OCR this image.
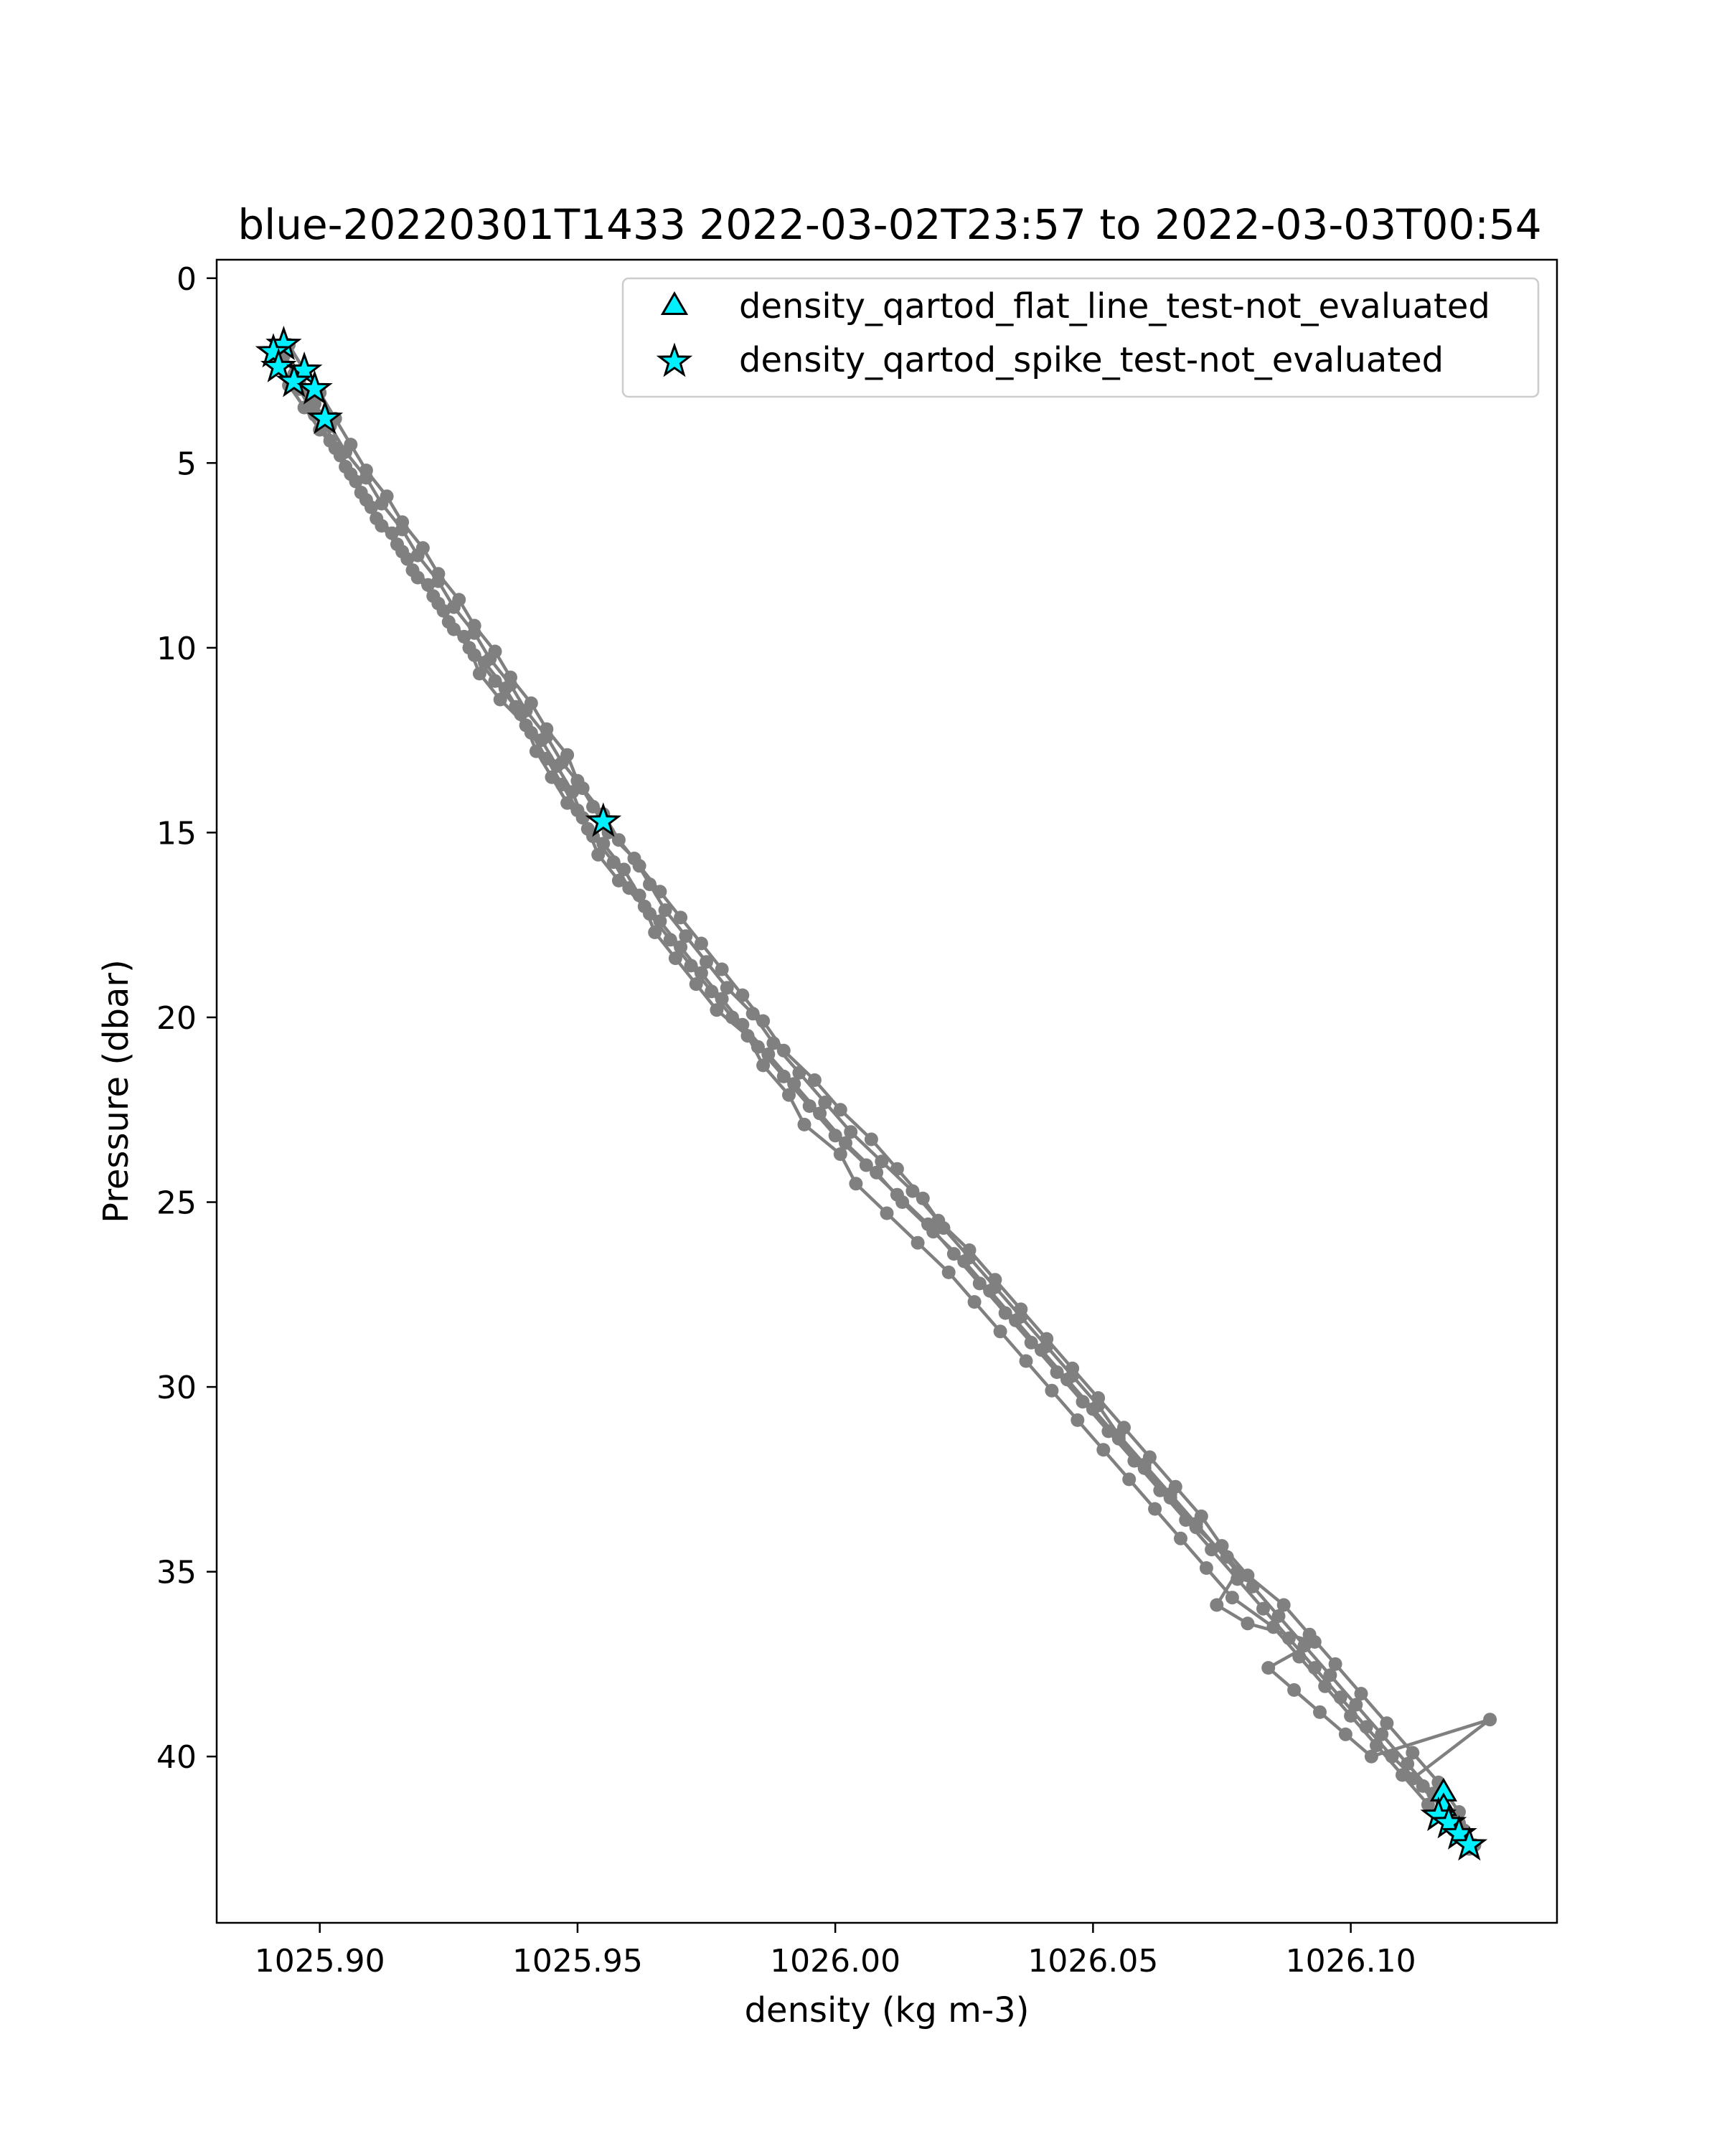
blue-20220301T1433 2022-03-02T23:57 to 2022-03-03T00:54
1025.90	1025.95	1026.00	1026.05	1026.10
0
5
10
15
20
25
30
35
40
density (kg m-3)
Pressure (dbar)
density_qartod_flat_line_test-not_evaluated
density_qartod_spike_test-not_evaluated
